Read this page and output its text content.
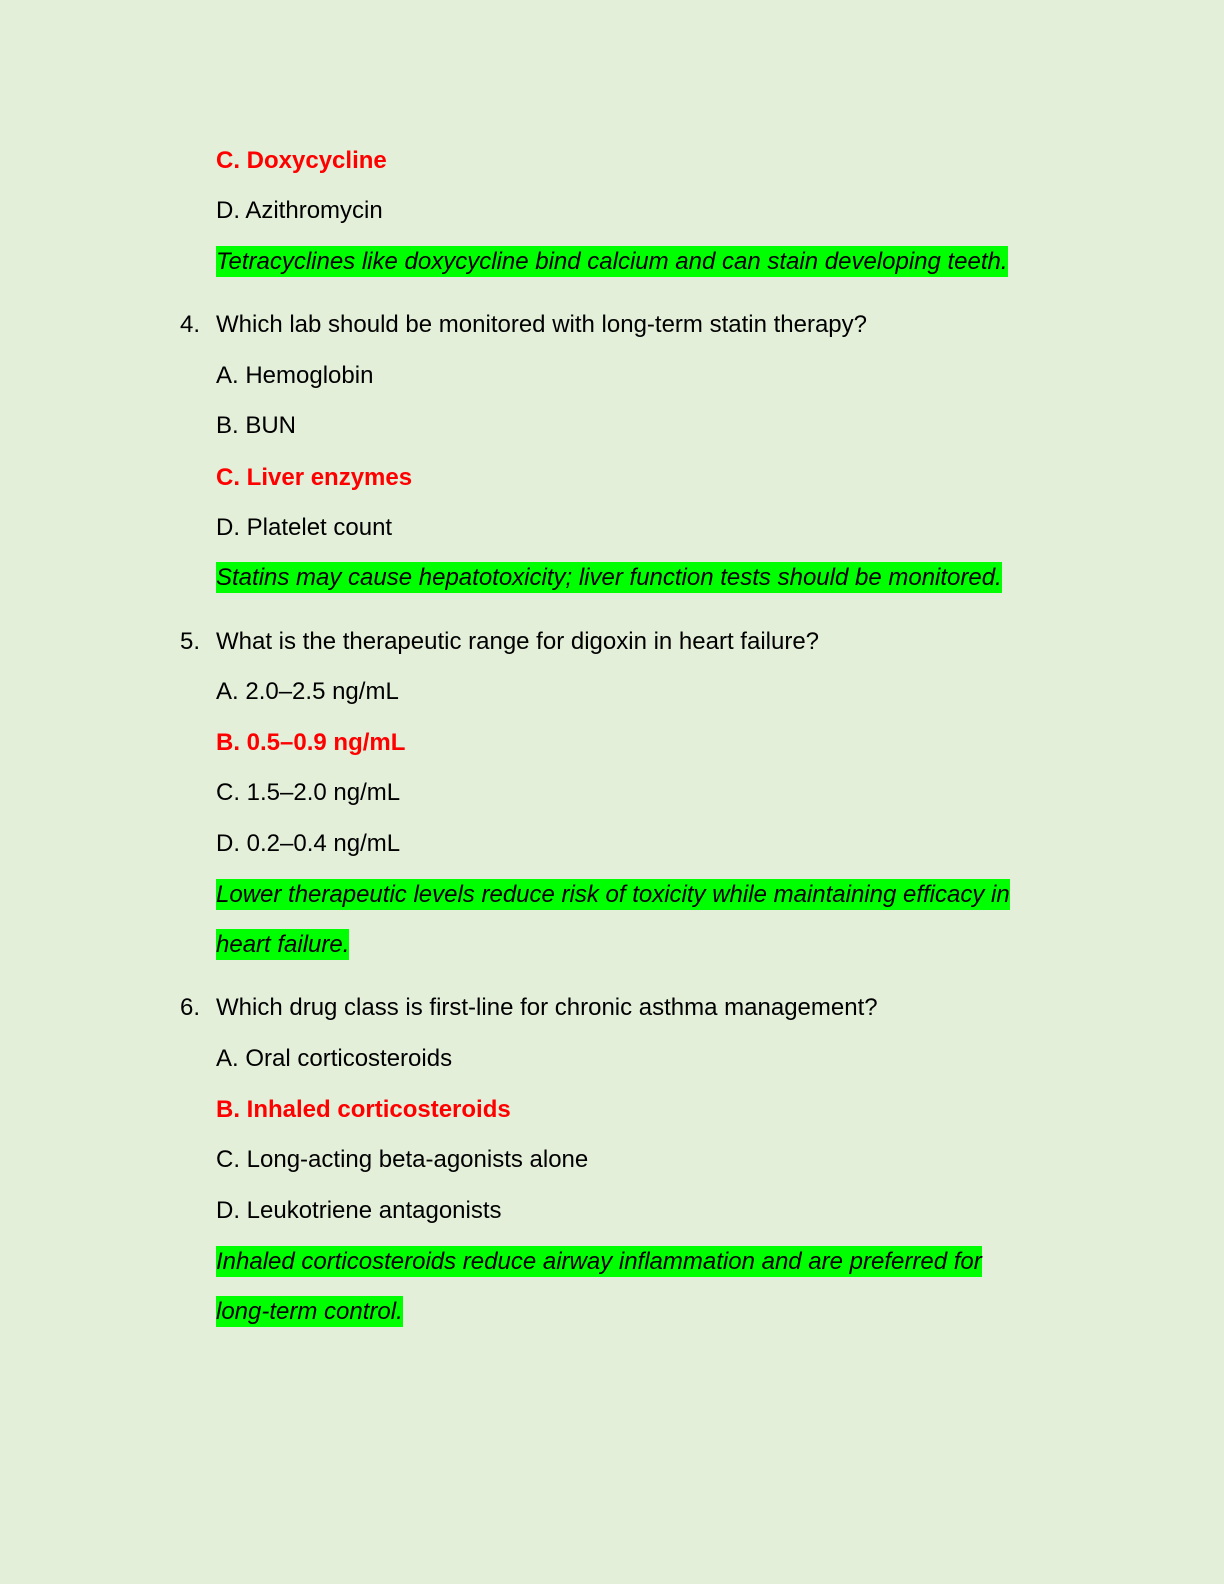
C. Doxycycline
D. Azithromycin
Tetracyclines like doxycycline bind calcium and can stain developing teeth.
4. Which lab should be monitored with long-term statin therapy?
A. Hemoglobin
B. BUN
C. Liver enzymes
D. Platelet count
Statins may cause hepatotoxicity; liver function tests should be monitored.
5. What is the therapeutic range for digoxin in heart failure?
A. 2.0–2.5 ng/mL
B. 0.5–0.9 ng/mL
C. 1.5–2.0 ng/mL
D. 0.2–0.4 ng/mL
Lower therapeutic levels reduce risk of toxicity while maintaining efficacy in
heart failure.
6. Which drug class is first-line for chronic asthma management?
A. Oral corticosteroids
B. Inhaled corticosteroids
C. Long-acting beta-agonists alone
D. Leukotriene antagonists
Inhaled corticosteroids reduce airway inflammation and are preferred for
long-term control.
